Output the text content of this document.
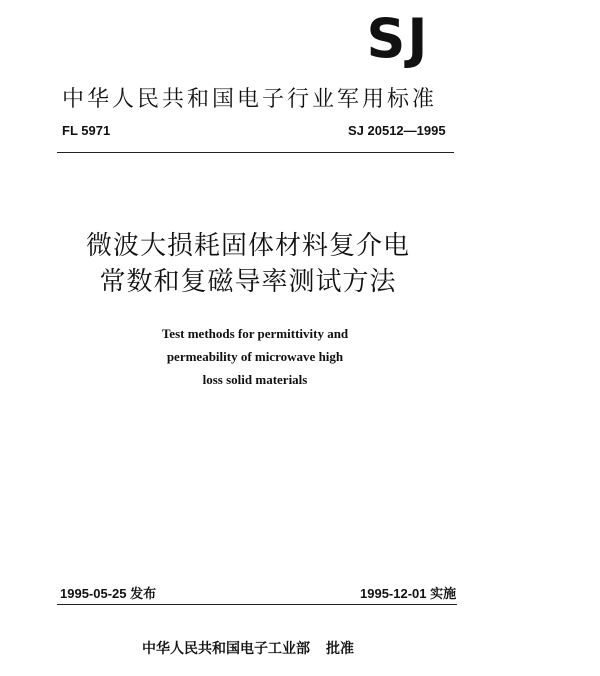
SJ
中华人民共和国电子行业军用标准
FL 5971	SJ 20512—1995
微波大损耗固体材料复介电
常数和复磁导率测试方法
Test methods for permittivity and
permeability of microwave high
loss solid materials
1995-05-25 发布	1995-12-01 实施
中华人民共和国电子工业部 批准
